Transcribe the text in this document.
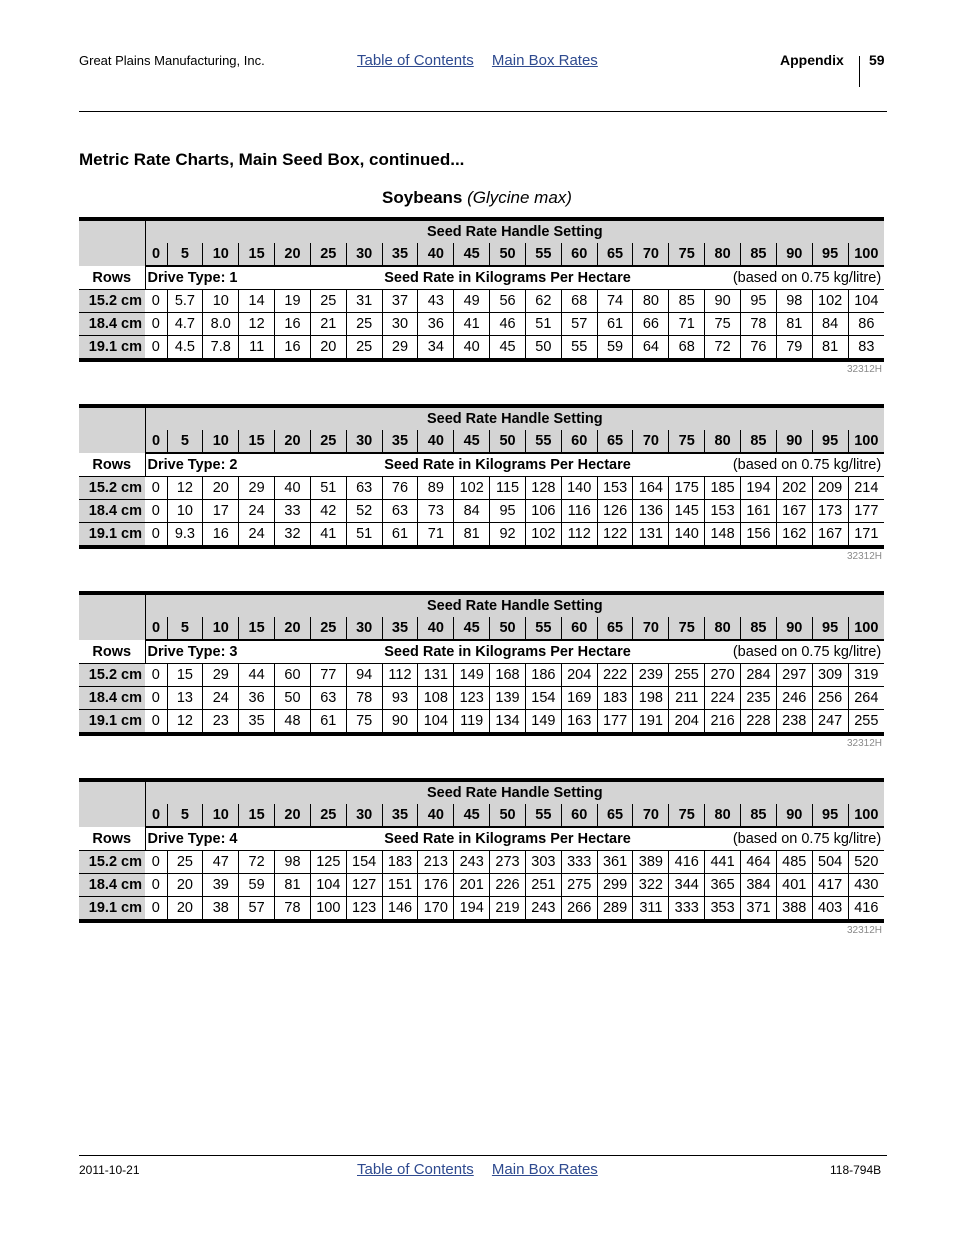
Great Plains Manufacturing, Inc.	Table of Contents Main Box Rates	Appendix 59
Metric Rate Charts, Main Seed Box, continued...
Soybeans (Glycine max)
	Seed Rate Handle Setting																				
	0	5	10	15	20	25	30	35	40	45	50	55	60	65	70	75	80	85	90	95	100
Rows	Drive Type: 1						Seed Rate in Kilograms Per Hectare									(based on 0.75 kg/litre)					
15.2 cm	0	5.7	10	14	19	25	31	37	43	49	56	62	68	74	80	85	90	95	98	102	104
18.4 cm	0	4.7	8.0	12	16	21	25	30	36	41	46	51	57	61	66	71	75	78	81	84	86
19.1 cm	0	4.5	7.8	11	16	20	25	29	34	40	45	50	55	59	64	68	72	76	79	81	83
32312H
	Seed Rate Handle Setting																				
	0	5	10	15	20	25	30	35	40	45	50	55	60	65	70	75	80	85	90	95	100
Rows	Drive Type: 2						Seed Rate in Kilograms Per Hectare									(based on 0.75 kg/litre)					
15.2 cm	0	12	20	29	40	51	63	76	89	102	115	128	140	153	164	175	185	194	202	209	214
18.4 cm	0	10	17	24	33	42	52	63	73	84	95	106	116	126	136	145	153	161	167	173	177
19.1 cm	0	9.3	16	24	32	41	51	61	71	81	92	102	112	122	131	140	148	156	162	167	171
32312H
	Seed Rate Handle Setting																				
	0	5	10	15	20	25	30	35	40	45	50	55	60	65	70	75	80	85	90	95	100
Rows	Drive Type: 3						Seed Rate in Kilograms Per Hectare									(based on 0.75 kg/litre)					
15.2 cm	0	15	29	44	60	77	94	112	131	149	168	186	204	222	239	255	270	284	297	309	319
18.4 cm	0	13	24	36	50	63	78	93	108	123	139	154	169	183	198	211	224	235	246	256	264
19.1 cm	0	12	23	35	48	61	75	90	104	119	134	149	163	177	191	204	216	228	238	247	255
32312H
	Seed Rate Handle Setting																				
	0	5	10	15	20	25	30	35	40	45	50	55	60	65	70	75	80	85	90	95	100
Rows	Drive Type: 4						Seed Rate in Kilograms Per Hectare									(based on 0.75 kg/litre)					
15.2 cm	0	25	47	72	98	125	154	183	213	243	273	303	333	361	389	416	441	464	485	504	520
18.4 cm	0	20	39	59	81	104	127	151	176	201	226	251	275	299	322	344	365	384	401	417	430
19.1 cm	0	20	38	57	78	100	123	146	170	194	219	243	266	289	311	333	353	371	388	403	416
32312H
2011-10-21	Table of Contents Main Box Rates	118-794B
